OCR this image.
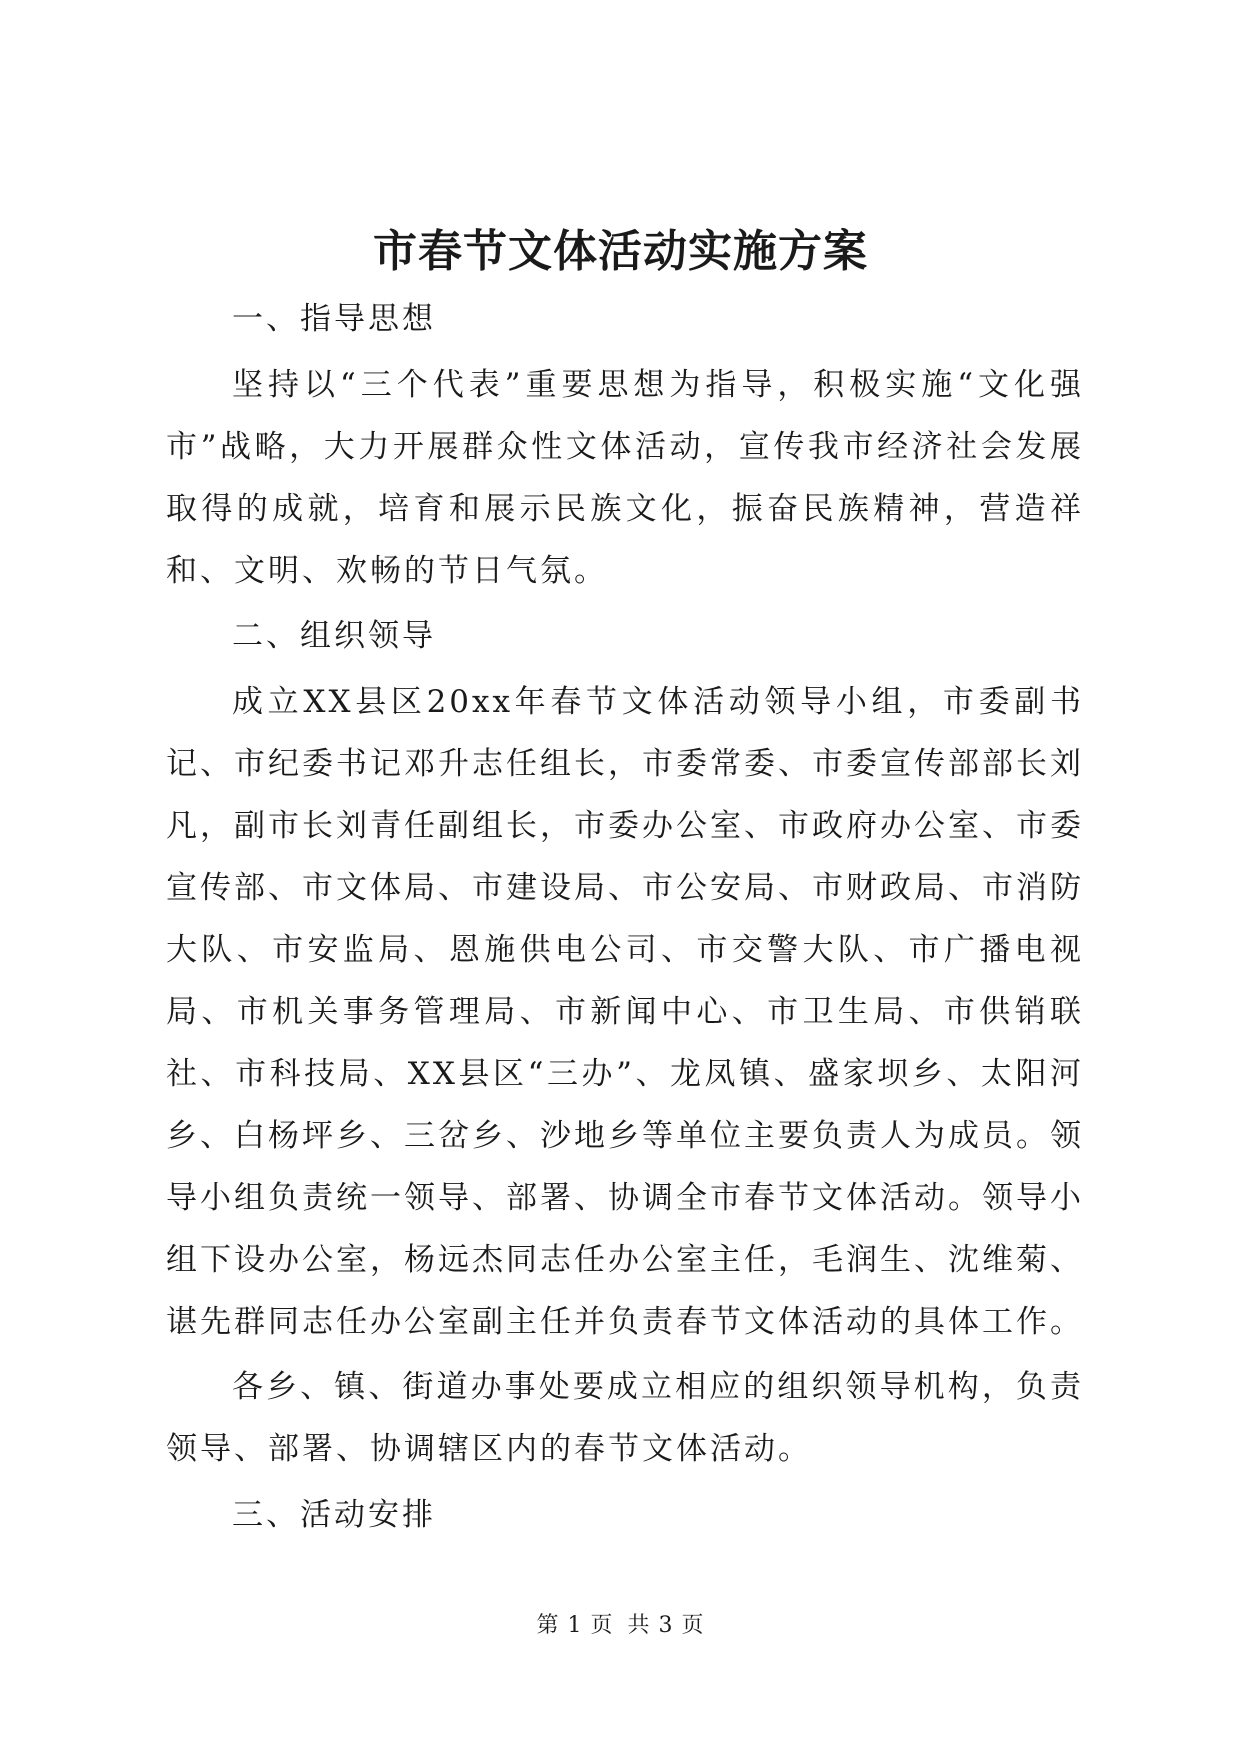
市春节文体活动实施方案

一、指导思想

坚持以“三个代表”重要思想为指导，积极实施“文化强市”战略，大力开展群众性文体活动，宣传我市经济社会发展取得的成就，培育和展示民族文化，振奋民族精神，营造祥和、文明、欢畅的节日气氛。

二、组织领导

成立XX县区20xx年春节文体活动领导小组，市委副书记、市纪委书记邓升志任组长，市委常委、市委宣传部部长刘凡，副市长刘青任副组长，市委办公室、市政府办公室、市委宣传部、市文体局、市建设局、市公安局、市财政局、市消防大队、市安监局、恩施供电公司、市交警大队、市广播电视局、市机关事务管理局、市新闻中心、市卫生局、市供销联社、市科技局、XX县区“三办”、龙凤镇、盛家坝乡、太阳河乡、白杨坪乡、三岔乡、沙地乡等单位主要负责人为成员。领导小组负责统一领导、部署、协调全市春节文体活动。领导小组下设办公室，杨远杰同志任办公室主任，毛润生、沈维菊、谌先群同志任办公室副主任并负责春节文体活动的具体工作。

各乡、镇、街道办事处要成立相应的组织领导机构，负责领导、部署、协调辖区内的春节文体活动。

三、活动安排

第 1 页 共 3 页
